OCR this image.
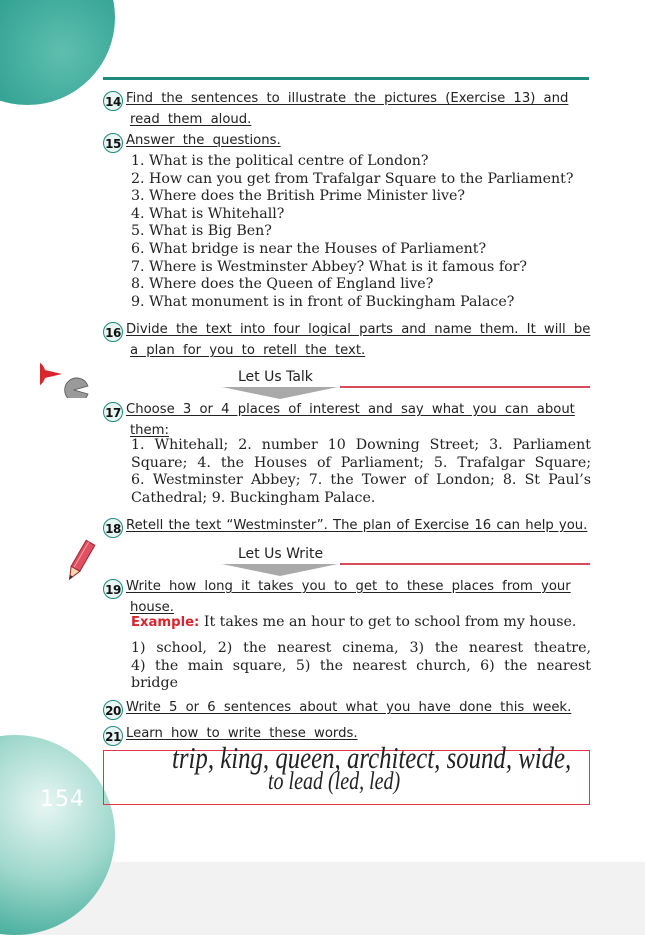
154
14 Find the sentences to illustrate the pictures (Exercise 13) and
read them aloud.
15 Answer the questions.
1. What is the political centre of London?
2. How can you get from Trafalgar Square to the Parliament?
3. Where does the British Prime Minister live?
4. What is Whitehall?
5. What is Big Ben?
6. What bridge is near the Houses of Parliament?
7. Where is Westminster Abbey? What is it famous for?
8. Where does the Queen of England live?
9. What monument is in front of Buckingham Palace?
16 Divide the text into four logical parts and name them. It will be
a plan for you to retell the text.
Let Us Talk
17 Choose 3 or 4 places of interest and say what you can about
them:
1. Whitehall; 2. number 10 Downing Street; 3. Parliament
Square; 4. the Houses of Parliament; 5. Trafalgar Square;
6. Westminster Abbey; 7. the Tower of London; 8. St Paul’s
Cathedral; 9. Buckingham Palace.
18 Retell the text “Westminster”. The plan of Exercise 16 can help you.
Let Us Write
19 Write how long it takes you to get to these places from your
house.
Example: It takes me an hour to get to school from my house.
1) school, 2) the nearest cinema, 3) the nearest theatre,
4) the main square, 5) the nearest church, 6) the nearest
bridge
20 Write 5 or 6 sentences about what you have done this week.
21 Learn how to write these words.
trip, king, queen, architect, sound, wide,
to lead (led, led)
